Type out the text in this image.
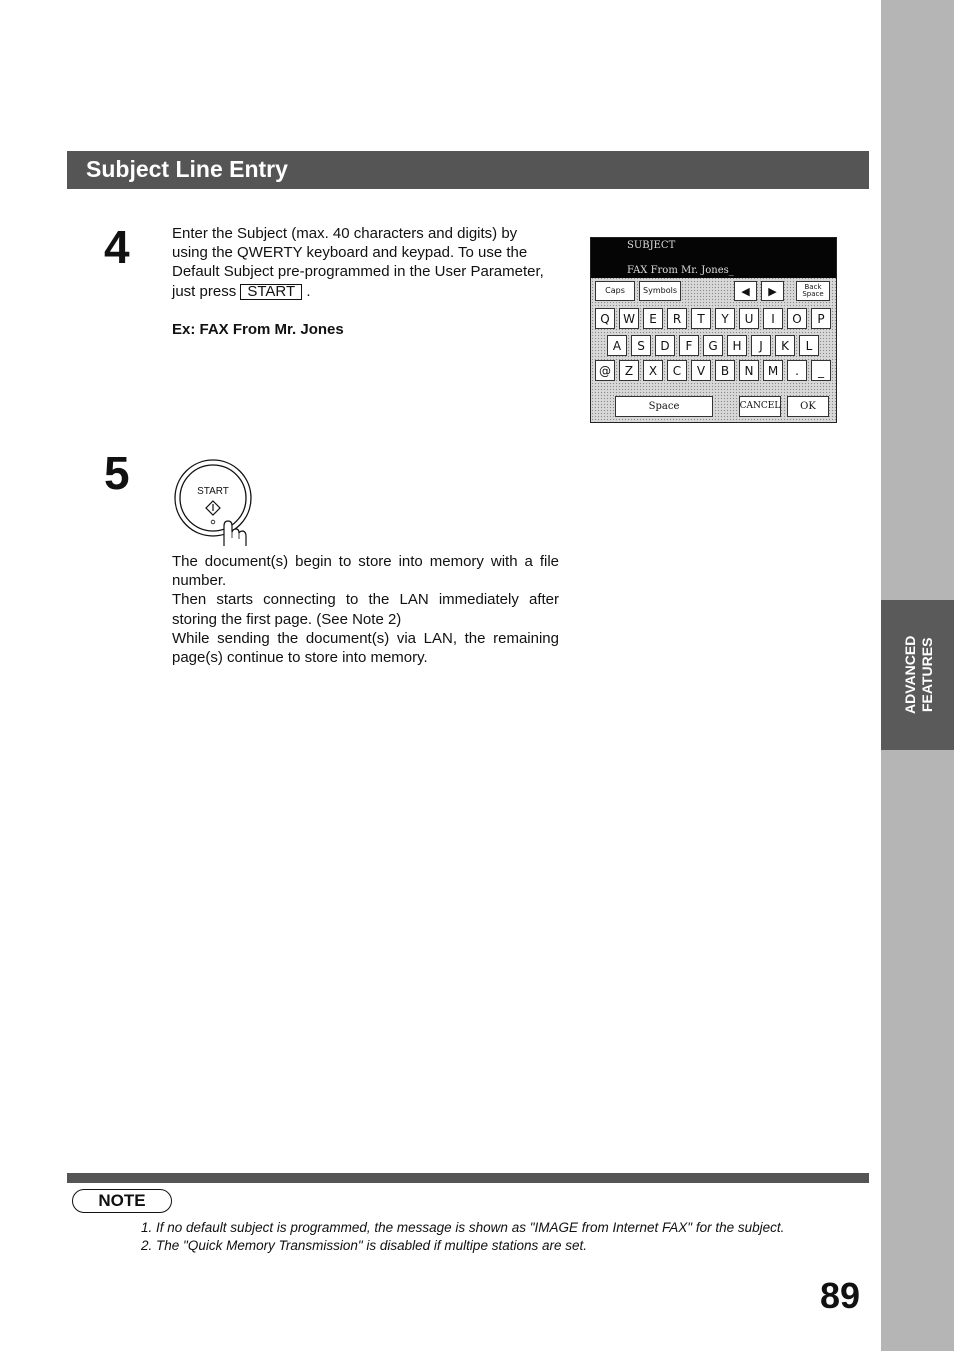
ADVANCED FEATURES
Subject Line Entry
4	Enter the Subject (max. 40 characters and digits) by using the QWERTY keyboard and keypad. To use the Default Subject pre-programmed in the User Parameter, just press START .
Ex: FAX From Mr. Jones
SUBJECT
FAX From Mr. Jones_
Caps	Symbols	◀	▶	Back
Space
Q	W	E	R	T	Y	U	I	O	P
A	S	D	F	G	H	J	K	L
@	Z	X	C	V	B	N	M	.	_
Space	CANCEL	OK
5	START
The document(s) begin to store into memory with a file number.
Then starts connecting to the LAN immediately after storing the first page. (See Note 2)
While sending the document(s) via LAN, the remaining page(s) continue to store into memory.
NOTE
1. If no default subject is programmed, the message is shown as "IMAGE from Internet FAX" for the subject.
2. The "Quick Memory Transmission" is disabled if multipe stations are set.
89
